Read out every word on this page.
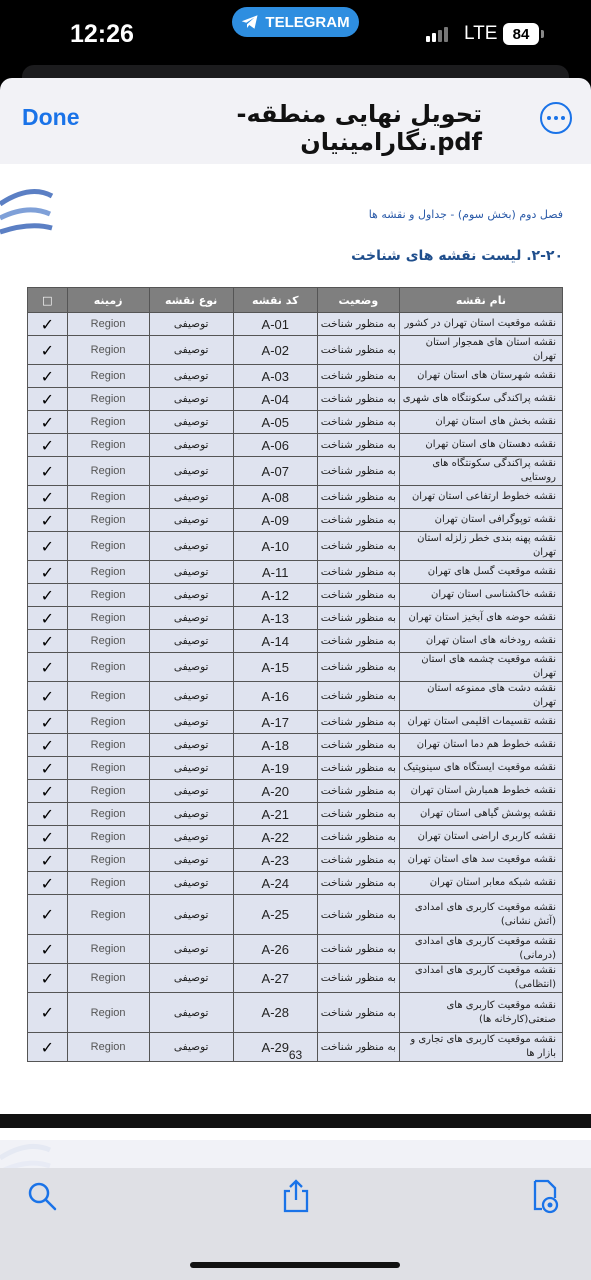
12:26	TELEGRAM
LTE 84
Done	تحویل نهایی منطقه- نگارامینیان.pdf
فصل دوم (بخش سوم) - جداول و نقشه ها
۲-۲۰. لیست نقشه های شناخت
نام نقشه	وضعیت	کد نقشه	نوع نقشه	زمینه	□
نقشه موقعیت استان تهران در کشور	به منظور شناخت	A-01	توصیفی	Region	✓
نقشه استان های همجوار استان تهران	به منظور شناخت	A-02	توصیفی	Region	✓
نقشه شهرستان های استان تهران	به منظور شناخت	A-03	توصیفی	Region	✓
نقشه پراکندگی سکونتگاه های شهری	به منظور شناخت	A-04	توصیفی	Region	✓
نقشه بخش های استان تهران	به منظور شناخت	A-05	توصیفی	Region	✓
نقشه دهستان های استان تهران	به منظور شناخت	A-06	توصیفی	Region	✓
نقشه پراکندگی سکونتگاه های روستایی	به منظور شناخت	A-07	توصیفی	Region	✓
نقشه خطوط ارتفاعی استان تهران	به منظور شناخت	A-08	توصیفی	Region	✓
نقشه توپوگرافی استان تهران	به منظور شناخت	A-09	توصیفی	Region	✓
نقشه پهنه بندی خطر زلزله استان تهران	به منظور شناخت	A-10	توصیفی	Region	✓
نقشه موقعیت گسل های تهران	به منظور شناخت	A-11	توصیفی	Region	✓
نقشه خاکشناسی استان تهران	به منظور شناخت	A-12	توصیفی	Region	✓
نقشه حوضه های آبخیز استان تهران	به منظور شناخت	A-13	توصیفی	Region	✓
نقشه رودخانه های استان تهران	به منظور شناخت	A-14	توصیفی	Region	✓
نقشه موقعیت چشمه های استان تهران	به منظور شناخت	A-15	توصیفی	Region	✓
نقشه دشت های ممنوعه استان تهران	به منظور شناخت	A-16	توصیفی	Region	✓
نقشه تقسیمات اقلیمی استان تهران	به منظور شناخت	A-17	توصیفی	Region	✓
نقشه خطوط هم دما استان تهران	به منظور شناخت	A-18	توصیفی	Region	✓
نقشه موقعیت ایستگاه های سینوپتیک	به منظور شناخت	A-19	توصیفی	Region	✓
نقشه خطوط همبارش استان تهران	به منظور شناخت	A-20	توصیفی	Region	✓
نقشه پوشش گیاهی استان تهران	به منظور شناخت	A-21	توصیفی	Region	✓
نقشه کاربری اراضی استان تهران	به منظور شناخت	A-22	توصیفی	Region	✓
نقشه موقعیت سد های استان تهران	به منظور شناخت	A-23	توصیفی	Region	✓
نقشه شبکه معابر استان تهران	به منظور شناخت	A-24	توصیفی	Region	✓
نقشه موقعیت کاربری های امدادی (آتش نشانی)	به منظور شناخت	A-25	توصیفی	Region	✓
نقشه موقعیت کاربری های امدادی (درمانی)	به منظور شناخت	A-26	توصیفی	Region	✓
نقشه موقعیت کاربری های امدادی (انتظامی)	به منظور شناخت	A-27	توصیفی	Region	✓
نقشه موقعیت کاربری های صنعتی(کارخانه ها)	به منظور شناخت	A-28	توصیفی	Region	✓
نقشه موقعیت کاربری های تجاری و بازار ها	به منظور شناخت	A-29	توصیفی	Region	✓	63
